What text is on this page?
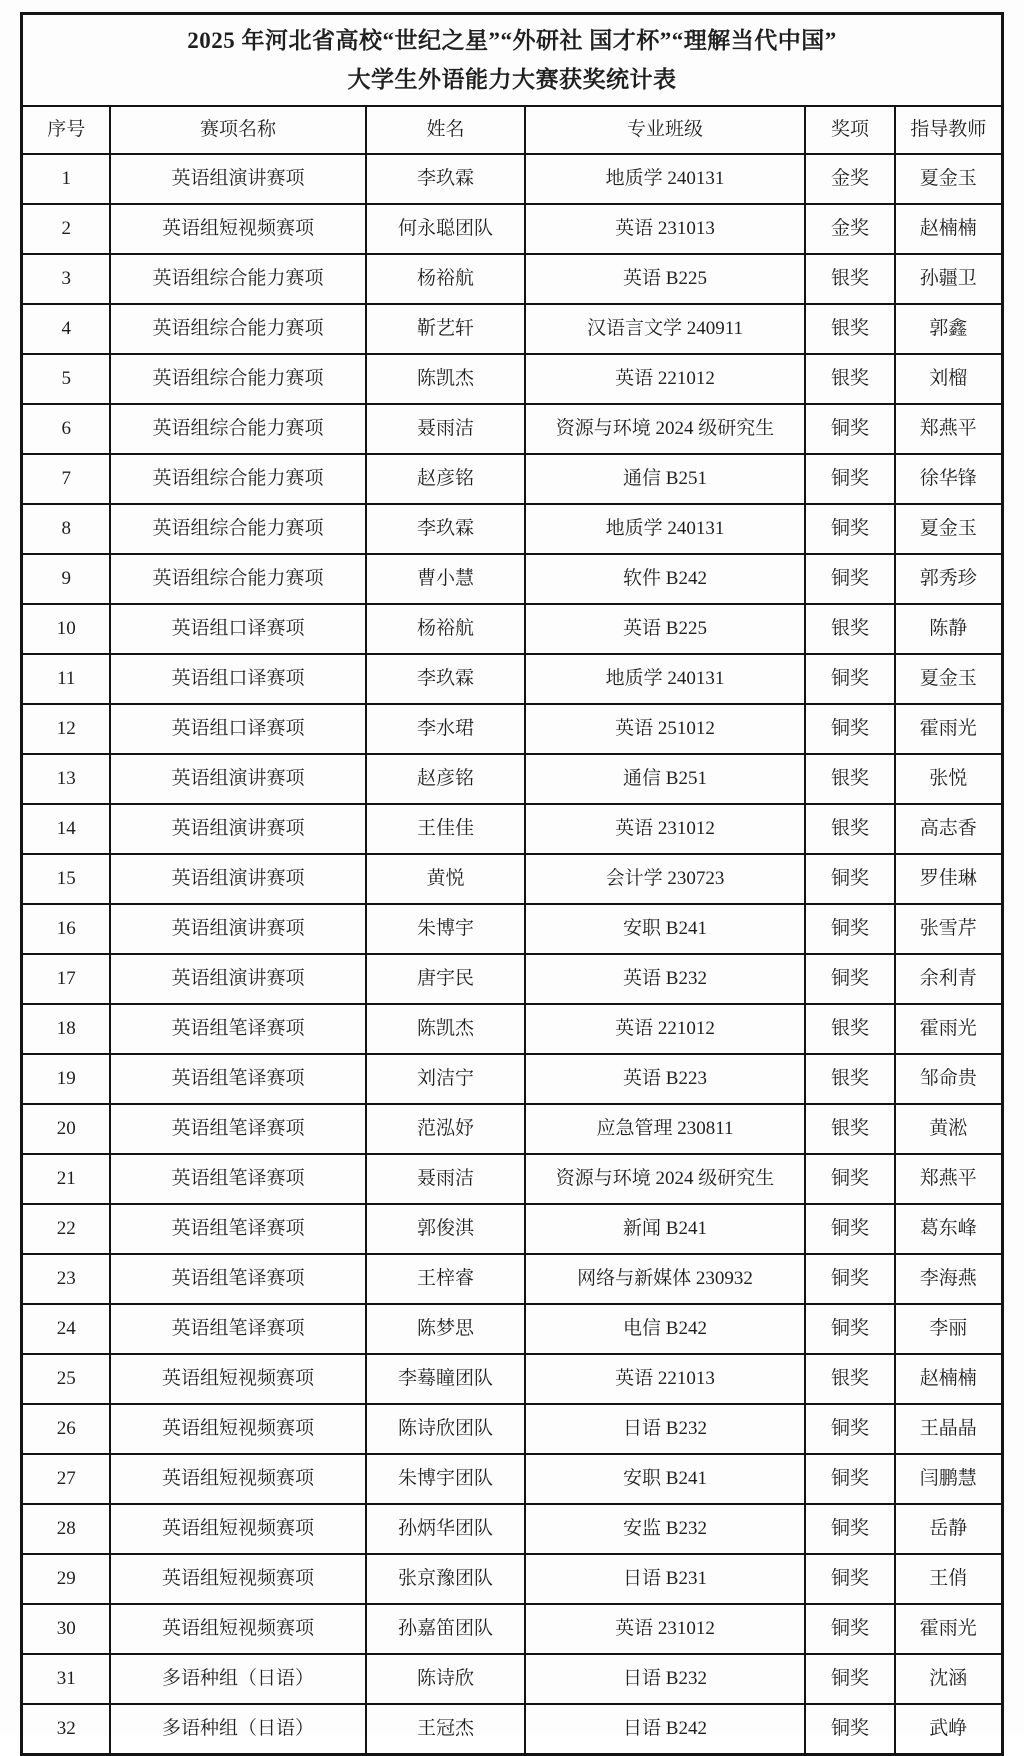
2025 年河北省高校“世纪之星”“外研社 国才杯”“理解当代中国”
大学生外语能力大赛获奖统计表					

序号	赛项名称	姓名	专业班级	奖项	指导教师
1	英语组演讲赛项	李玖霖	地质学 240131	金奖	夏金玉
2	英语组短视频赛项	何永聪团队	英语 231013	金奖	赵楠楠
3	英语组综合能力赛项	杨裕航	英语 B225	银奖	孙疆卫
4	英语组综合能力赛项	靳艺轩	汉语言文学 240911	银奖	郭鑫
5	英语组综合能力赛项	陈凯杰	英语 221012	银奖	刘榴
6	英语组综合能力赛项	聂雨洁	资源与环境 2024 级研究生	铜奖	郑燕平
7	英语组综合能力赛项	赵彦铭	通信 B251	铜奖	徐华锋
8	英语组综合能力赛项	李玖霖	地质学 240131	铜奖	夏金玉
9	英语组综合能力赛项	曹小慧	软件 B242	铜奖	郭秀珍
10	英语组口译赛项	杨裕航	英语 B225	银奖	陈静
11	英语组口译赛项	李玖霖	地质学 240131	铜奖	夏金玉
12	英语组口译赛项	李水珺	英语 251012	铜奖	霍雨光
13	英语组演讲赛项	赵彦铭	通信 B251	银奖	张悦
14	英语组演讲赛项	王佳佳	英语 231012	银奖	高志香
15	英语组演讲赛项	黄悦	会计学 230723	铜奖	罗佳琳
16	英语组演讲赛项	朱博宇	安职 B241	铜奖	张雪芹
17	英语组演讲赛项	唐宇民	英语 B232	铜奖	余利青
18	英语组笔译赛项	陈凯杰	英语 221012	银奖	霍雨光
19	英语组笔译赛项	刘洁宁	英语 B223	银奖	邹命贵
20	英语组笔译赛项	范泓妤	应急管理 230811	银奖	黄淞
21	英语组笔译赛项	聂雨洁	资源与环境 2024 级研究生	铜奖	郑燕平
22	英语组笔译赛项	郭俊淇	新闻 B241	铜奖	葛东峰
23	英语组笔译赛项	王梓睿	网络与新媒体 230932	铜奖	李海燕
24	英语组笔译赛项	陈梦思	电信 B242	铜奖	李丽
25	英语组短视频赛项	李蓦瞳团队	英语 221013	银奖	赵楠楠
26	英语组短视频赛项	陈诗欣团队	日语 B232	铜奖	王晶晶
27	英语组短视频赛项	朱博宇团队	安职 B241	铜奖	闫鹏慧
28	英语组短视频赛项	孙炳华团队	安监 B232	铜奖	岳静
29	英语组短视频赛项	张京豫团队	日语 B231	铜奖	王俏
30	英语组短视频赛项	孙嘉笛团队	英语 231012	铜奖	霍雨光
31	多语种组（日语）	陈诗欣	日语 B232	铜奖	沈涵
32	多语种组（日语）	王冠杰	日语 B242	铜奖	武峥
